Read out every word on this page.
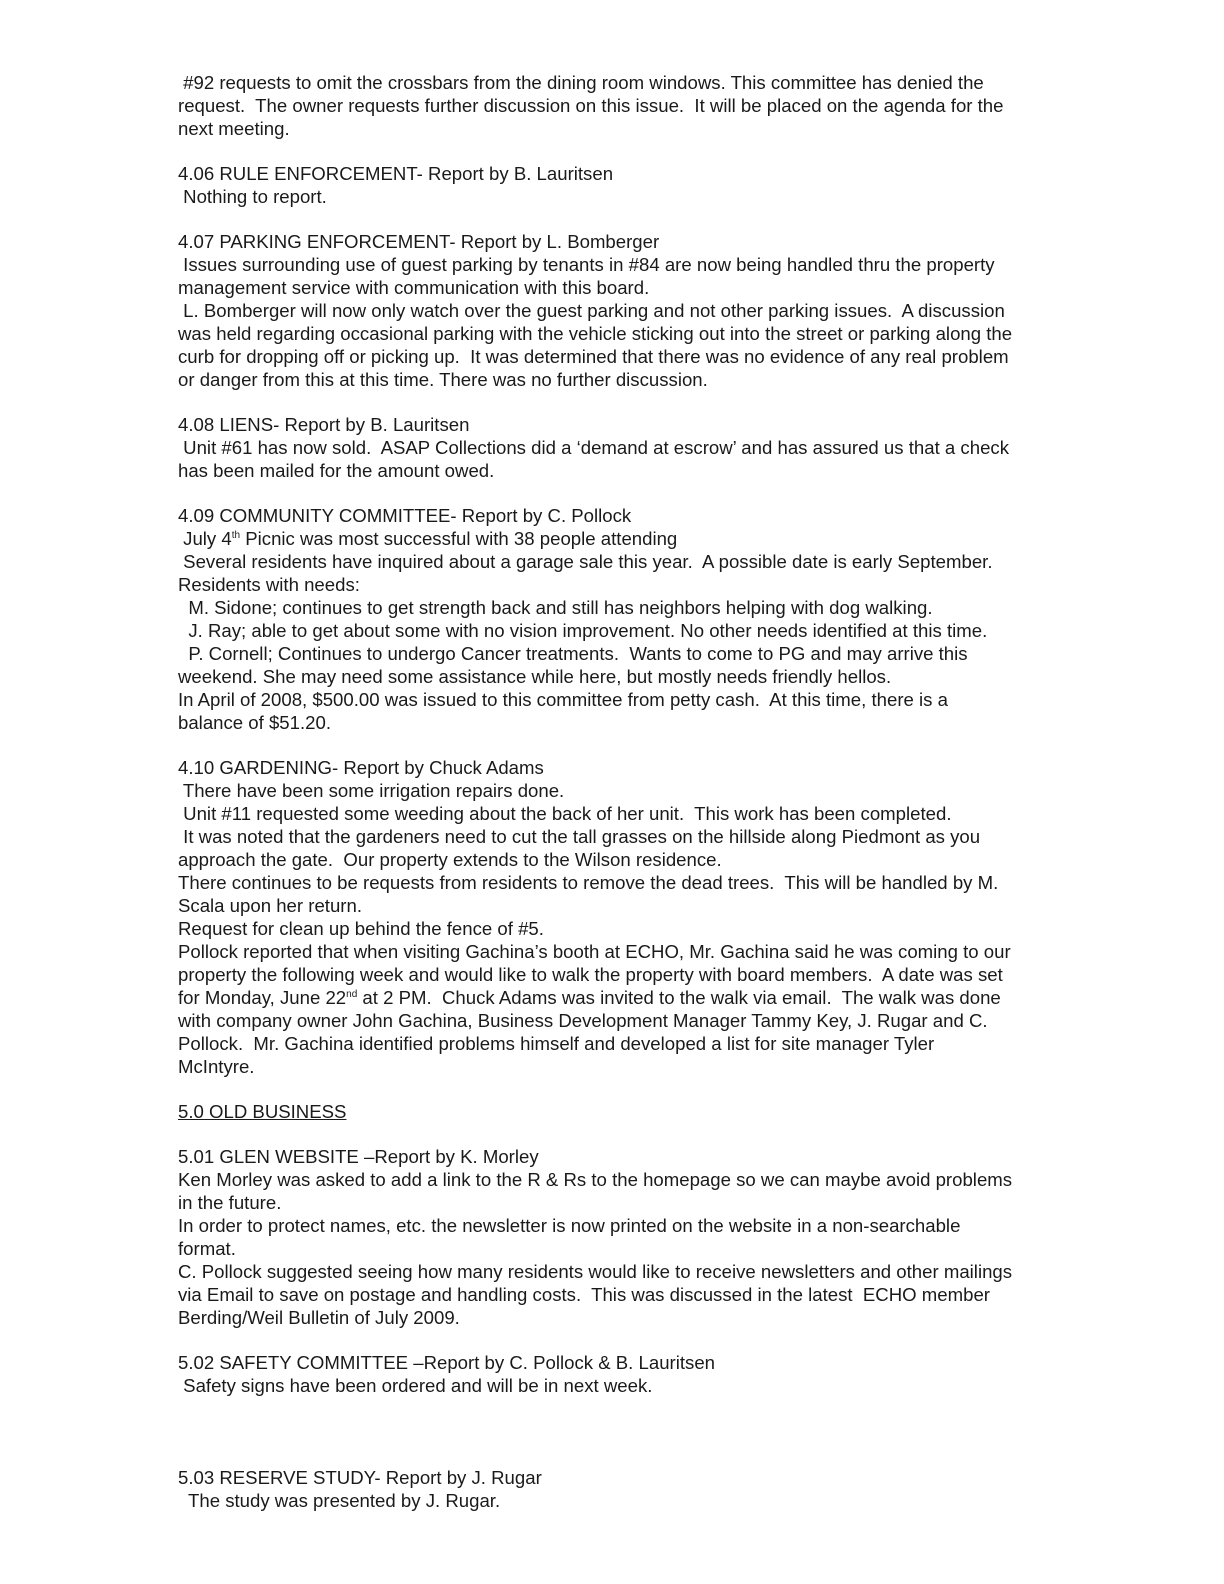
#92 requests to omit the crossbars from the dining room windows. This committee has denied the
request.  The owner requests further discussion on this issue.  It will be placed on the agenda for the
next meeting.
4.06 RULE ENFORCEMENT- Report by B. Lauritsen
Nothing to report.
4.07 PARKING ENFORCEMENT- Report by L. Bomberger
Issues surrounding use of guest parking by tenants in #84 are now being handled thru the property
management service with communication with this board.
L. Bomberger will now only watch over the guest parking and not other parking issues.  A discussion
was held regarding occasional parking with the vehicle sticking out into the street or parking along the
curb for dropping off or picking up.  It was determined that there was no evidence of any real problem
or danger from this at this time. There was no further discussion.
4.08 LIENS- Report by B. Lauritsen
Unit #61 has now sold.  ASAP Collections did a ‘demand at escrow’ and has assured us that a check
has been mailed for the amount owed.
4.09 COMMUNITY COMMITTEE- Report by C. Pollock
July 4th Picnic was most successful with 38 people attending
Several residents have inquired about a garage sale this year.  A possible date is early September.
Residents with needs:
M. Sidone; continues to get strength back and still has neighbors helping with dog walking.
J. Ray; able to get about some with no vision improvement. No other needs identified at this time.
P. Cornell; Continues to undergo Cancer treatments.  Wants to come to PG and may arrive this
weekend. She may need some assistance while here, but mostly needs friendly hellos.
In April of 2008, $500.00 was issued to this committee from petty cash.  At this time, there is a
balance of $51.20.
4.10 GARDENING- Report by Chuck Adams
There have been some irrigation repairs done.
Unit #11 requested some weeding about the back of her unit.  This work has been completed.
It was noted that the gardeners need to cut the tall grasses on the hillside along Piedmont as you
approach the gate.  Our property extends to the Wilson residence.
There continues to be requests from residents to remove the dead trees.  This will be handled by M.
Scala upon her return.
Request for clean up behind the fence of #5.
Pollock reported that when visiting Gachina’s booth at ECHO, Mr. Gachina said he was coming to our
property the following week and would like to walk the property with board members.  A date was set
for Monday, June 22nd at 2 PM.  Chuck Adams was invited to the walk via email.  The walk was done
with company owner John Gachina, Business Development Manager Tammy Key, J. Rugar and C.
Pollock.  Mr. Gachina identified problems himself and developed a list for site manager Tyler
McIntyre.
5.0 OLD BUSINESS
5.01 GLEN WEBSITE –Report by K. Morley
Ken Morley was asked to add a link to the R & Rs to the homepage so we can maybe avoid problems
in the future.
In order to protect names, etc. the newsletter is now printed on the website in a non-searchable
format.
C. Pollock suggested seeing how many residents would like to receive newsletters and other mailings
via Email to save on postage and handling costs.  This was discussed in the latest  ECHO member
Berding/Weil Bulletin of July 2009.
5.02 SAFETY COMMITTEE –Report by C. Pollock & B. Lauritsen
Safety signs have been ordered and will be in next week.
5.03 RESERVE STUDY- Report by J. Rugar
The study was presented by J. Rugar.
